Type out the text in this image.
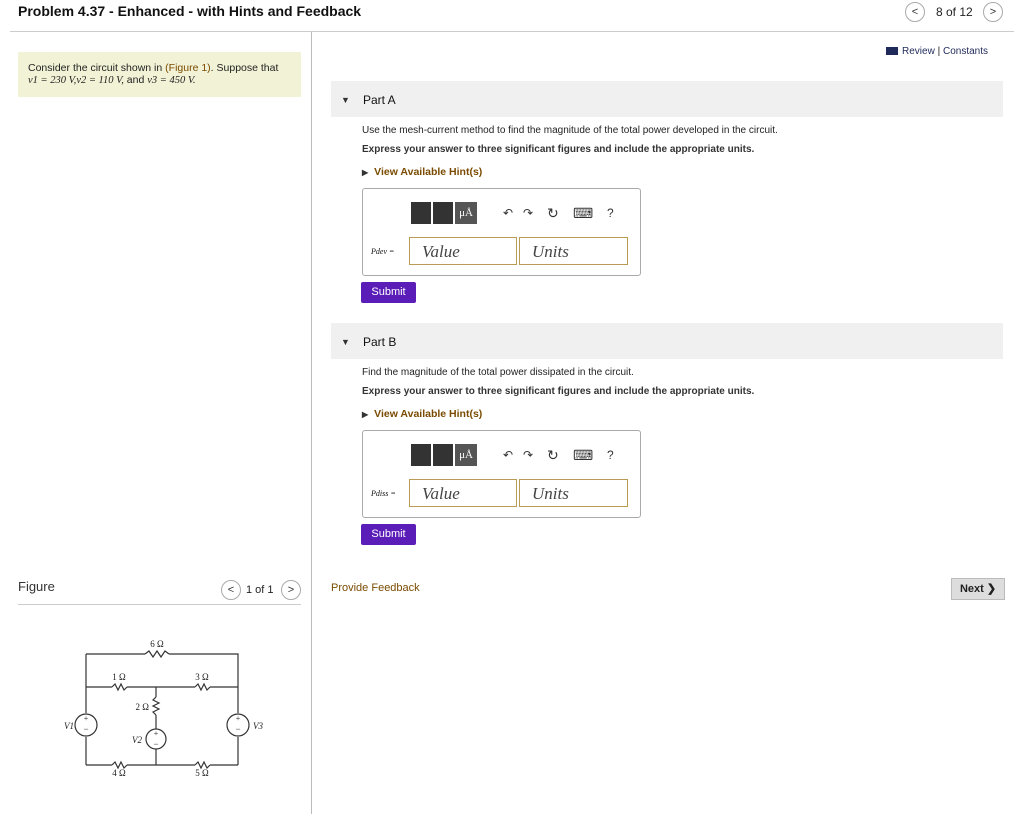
Problem 4.37 - Enhanced - with Hints and Feedback	<	8 of 12	>
Consider the circuit shown in (Figure 1). Suppose that
v1 = 230 V,v2 = 110 V, and v3 = 450 V.
Review | Constants
▼ Part A
Use the mesh-current method to find the magnitude of the total power developed in the circuit.
Express your answer to three significant figures and include the appropriate units.
▶ View Available Hint(s)
μÅ	↶ ↷ ↻ ⌨ ?
Pdev =	Value	Units
Submit
▼ Part B
Find the magnitude of the total power dissipated in the circuit.
Express your answer to three significant figures and include the appropriate units.
▶ View Available Hint(s)
μÅ	↶ ↷ ↻ ⌨ ?
Pdiss =	Value	Units
Submit
Provide Feedback	Next ❯
Figure	<	1 of 1	>
+
−
+
−
+
−
6 Ω
1 Ω	3 Ω
2 Ω
4 Ω	5 Ω
V1
V2
V3
